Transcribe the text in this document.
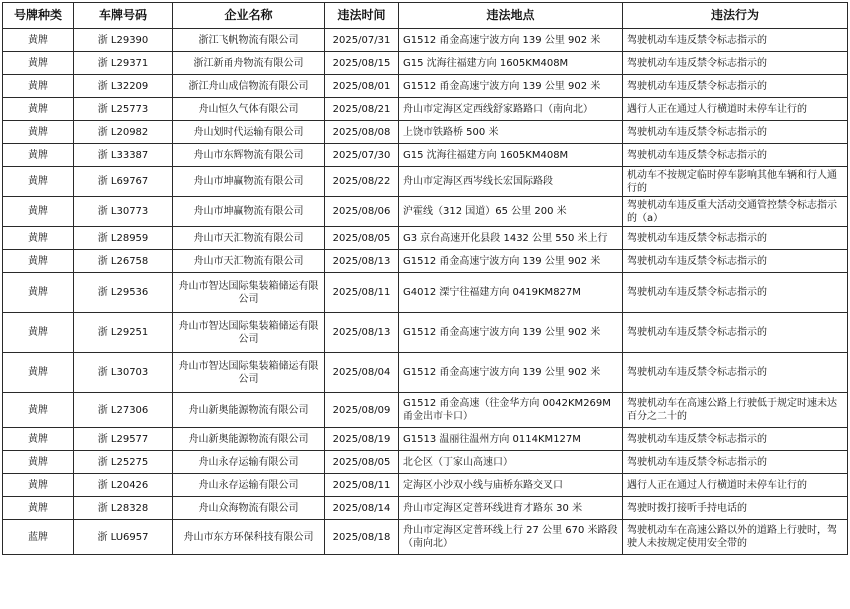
号牌种类	车牌号码	企业名称	违法时间	违法地点	违法行为
黄牌	浙 L29390	浙江飞帆物流有限公司	2025/07/31	G1512 甬金高速宁波方向 139 公里 902 米	驾驶机动车违反禁令标志指示的
黄牌	浙 L29371	浙江新甬舟物流有限公司	2025/08/15	G15 沈海往福建方向 1605KM408M	驾驶机动车违反禁令标志指示的
黄牌	浙 L32209	浙江舟山成信物流有限公司	2025/08/01	G1512 甬金高速宁波方向 139 公里 902 米	驾驶机动车违反禁令标志指示的
黄牌	浙 L25773	舟山恒久气体有限公司	2025/08/21	舟山市定海区定西线舒家路路口（南向北）	遇行人正在通过人行横道时未停车让行的
黄牌	浙 L20982	舟山划时代运输有限公司	2025/08/08	上饶市铁路桥 500 米	驾驶机动车违反禁令标志指示的
黄牌	浙 L33387	舟山市东辉物流有限公司	2025/07/30	G15 沈海往福建方向 1605KM408M	驾驶机动车违反禁令标志指示的
黄牌	浙 L69767	舟山市坤赢物流有限公司	2025/08/22	舟山市定海区西岑线长宏国际路段	机动车不按规定临时停车影响其他车辆和行人通行的
黄牌	浙 L30773	舟山市坤赢物流有限公司	2025/08/06	沪霍线（312 国道）65 公里 200 米	驾驶机动车违反重大活动交通管控禁令标志指示的（a）
黄牌	浙 L28959	舟山市天汇物流有限公司	2025/08/05	G3 京台高速开化县段 1432 公里 550 米上行	驾驶机动车违反禁令标志指示的
黄牌	浙 L26758	舟山市天汇物流有限公司	2025/08/13	G1512 甬金高速宁波方向 139 公里 902 米	驾驶机动车违反禁令标志指示的
黄牌	浙 L29536	舟山市智达国际集装箱储运有限公司	2025/08/11	G4012 溧宁往福建方向 0419KM827M	驾驶机动车违反禁令标志指示的
黄牌	浙 L29251	舟山市智达国际集装箱储运有限公司	2025/08/13	G1512 甬金高速宁波方向 139 公里 902 米	驾驶机动车违反禁令标志指示的
黄牌	浙 L30703	舟山市智达国际集装箱储运有限公司	2025/08/04	G1512 甬金高速宁波方向 139 公里 902 米	驾驶机动车违反禁令标志指示的
黄牌	浙 L27306	舟山新奥能源物流有限公司	2025/08/09	G1512 甬金高速（往金华方向 0042KM269M 甬金出市卡口）	驾驶机动车在高速公路上行驶低于规定时速未达百分之二十的
黄牌	浙 L29577	舟山新奥能源物流有限公司	2025/08/19	G1513 温丽往温州方向 0114KM127M	驾驶机动车违反禁令标志指示的
黄牌	浙 L25275	舟山永存运输有限公司	2025/08/05	北仑区（丁家山高速口）	驾驶机动车违反禁令标志指示的
黄牌	浙 L20426	舟山永存运输有限公司	2025/08/11	定海区小沙双小线与庙桥东路交叉口	遇行人正在通过人行横道时未停车让行的
黄牌	浙 L28328	舟山众海物流有限公司	2025/08/14	舟山市定海区定普环线进育才路东 30 米	驾驶时拨打接听手持电话的
蓝牌	浙 LU6957	舟山市东方环保科技有限公司	2025/08/18	舟山市定海区定普环线上行 27 公里 670 米路段（南向北）	驾驶机动车在高速公路以外的道路上行驶时，驾驶人未按规定使用安全带的
